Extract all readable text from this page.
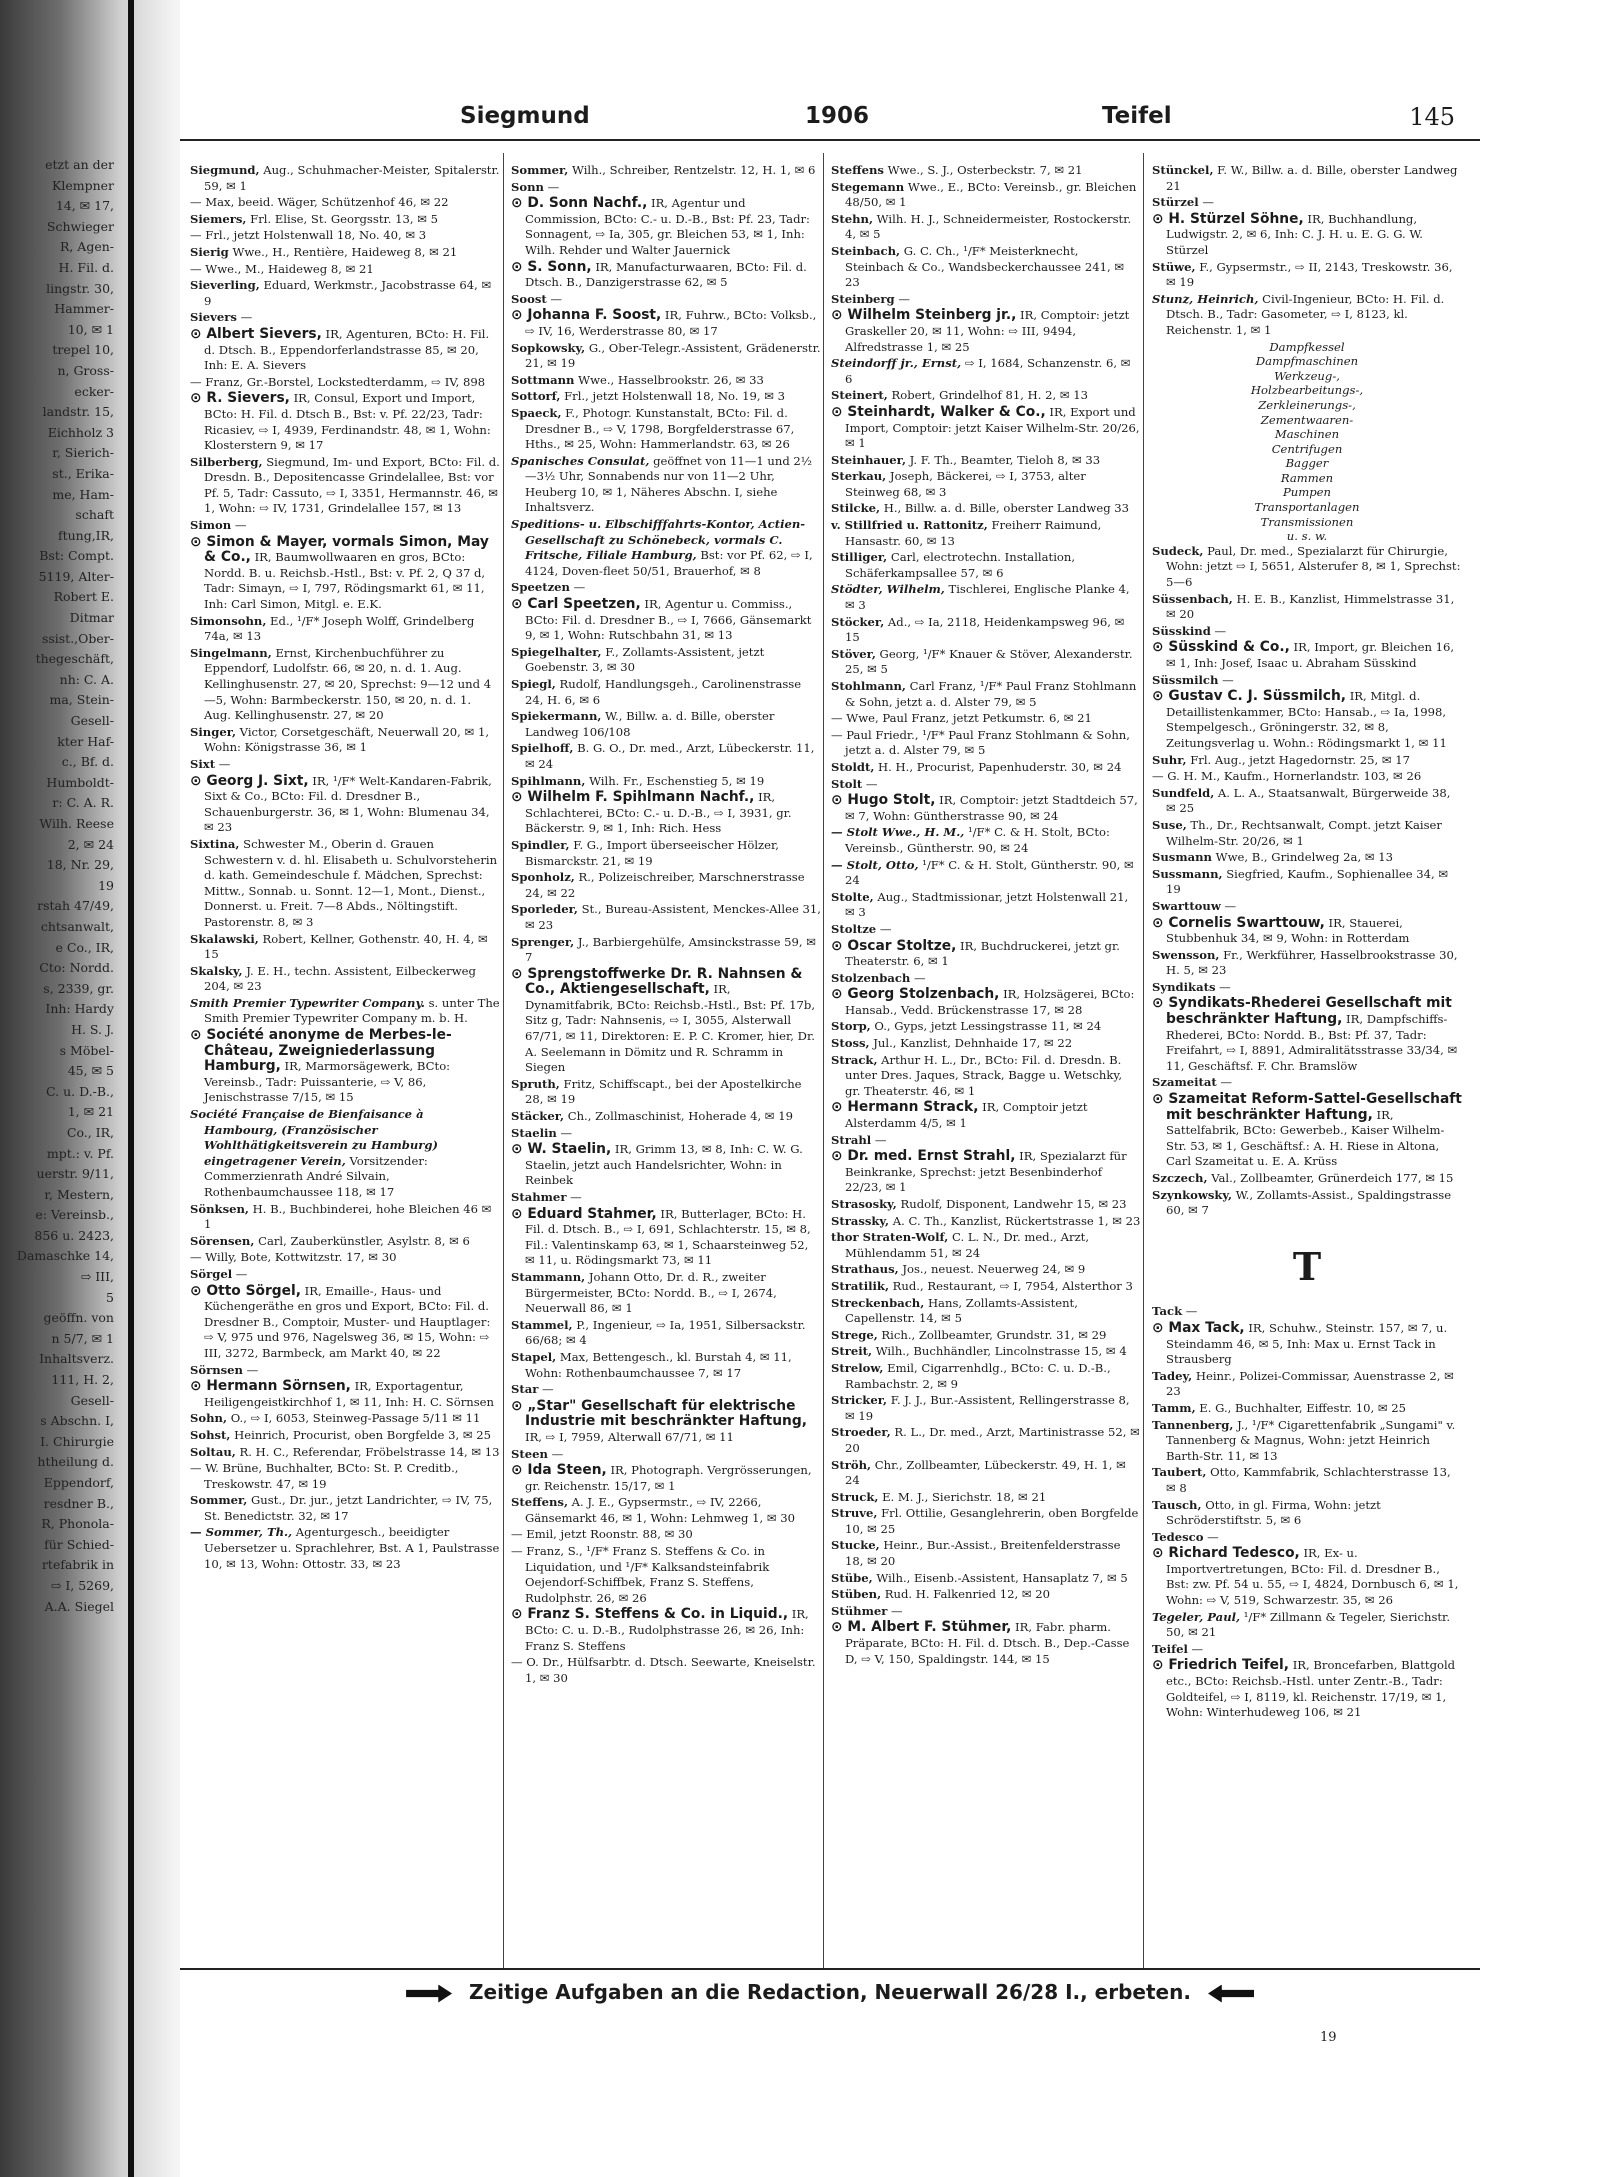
etzt an der
Klempner
14, ✉ 17,
Schwieger
R, Agen-
H. Fil. d.
lingstr. 30,
Hammer-
10, ✉ 1
trepel 10,
n, Gross-
ecker-
landstr. 15,
Eichholz 3
r, Sierich-
st., Erika-
me, Ham-
schaft
ftung,IR,
Bst: Compt.
5119, Alter-
Robert E.
Ditmar
ssist.,Ober-
thegeschäft,
nh: C. A.
ma, Stein-
Gesell-
kter Haf-
c., Bf. d.
Humboldt-
r: C. A. R.
Wilh. Reese
2, ✉ 24
18, Nr. 29,
19
rstah 47/49,
chtsanwalt,
e Co., IR,
Cto: Nordd.
s, 2339, gr.
Inh: Hardy
H. S. J.
s Möbel-
45, ✉ 5
C. u. D.-B.,
1, ✉ 21
Co., IR,
mpt.: v. Pf.
uerstr. 9/11,
r, Mestern,
e: Vereinsb.,
856 u. 2423,
Damaschke 14,
⇨ III,
5
geöffn. von
n 5/7, ✉ 1
Inhaltsverz.
111, H. 2,
Gesell-
s Abschn. I,
I. Chirurgie
htheilung d.
Eppendorf,
resdner B.,
R, Phonola-
für Schied-
rtefabrik in
⇨ I, 5269,
A.A. Siegel
Siegmund	1906	Teifel	145
Siegmund, Aug., Schuhmacher-Meister, Spitalerstr. 59, ✉ 1
— Max, beeid. Wäger, Schützenhof 46, ✉ 22
Siemers, Frl. Elise, St. Georgsstr. 13, ✉ 5
— Frl., jetzt Holstenwall 18, No. 40, ✉ 3
Sierig Wwe., H., Rentière, Haideweg 8, ✉ 21
— Wwe., M., Haideweg 8, ✉ 21
Sieverling, Eduard, Werkmstr., Jacobstrasse 64, ✉ 9
Sievers —
⊙ Albert Sievers, IR, Agenturen, BCto: H. Fil. d. Dtsch. B., Eppendorferlandstrasse 85, ✉ 20, Inh: E. A. Sievers
— Franz, Gr.-Borstel, Lockstedterdamm, ⇨ IV, 898
⊙ R. Sievers, IR, Consul, Export und Import, BCto: H. Fil. d. Dtsch B., Bst: v. Pf. 22/23, Tadr: Ricasiev, ⇨ I, 4939, Ferdinandstr. 48, ✉ 1, Wohn: Klosterstern 9, ✉ 17
Silberberg, Siegmund, Im- und Export, BCto: Fil. d. Dresdn. B., Depositencasse Grindelallee, Bst: vor Pf. 5, Tadr: Cassuto, ⇨ I, 3351, Hermannstr. 46, ✉ 1, Wohn: ⇨ IV, 1731, Grindelallee 157, ✉ 13
Simon —
⊙ Simon & Mayer, vormals Simon, May & Co., IR, Baumwollwaaren en gros, BCto: Nordd. B. u. Reichsb.-Hstl., Bst: v. Pf. 2, Q 37 d, Tadr: Simayn, ⇨ I, 797, Rödingsmarkt 61, ✉ 11, Inh: Carl Simon, Mitgl. e. E.K.
Simonsohn, Ed., ¹/F* Joseph Wolff, Grindelberg 74a, ✉ 13
Singelmann, Ernst, Kirchenbuchführer zu Eppendorf, Ludolfstr. 66, ✉ 20, n. d. 1. Aug. Kellinghusenstr. 27, ✉ 20, Sprechst: 9—12 und 4—5, Wohn: Barmbeckerstr. 150, ✉ 20, n. d. 1. Aug. Kellinghusenstr. 27, ✉ 20
Singer, Victor, Corsetgeschäft, Neuerwall 20, ✉ 1, Wohn: Königstrasse 36, ✉ 1
Sixt —
⊙ Georg J. Sixt, IR, ¹/F* Welt-Kandaren-Fabrik, Sixt & Co., BCto: Fil. d. Dresdner B., Schauenburgerstr. 36, ✉ 1, Wohn: Blumenau 34, ✉ 23
Sixtina, Schwester M., Oberin d. Grauen Schwestern v. d. hl. Elisabeth u. Schulvorsteherin d. kath. Gemeindeschule f. Mädchen, Sprechst: Mittw., Sonnab. u. Sonnt. 12—1, Mont., Dienst., Donnerst. u. Freit. 7—8 Abds., Nöltingstift. Pastorenstr. 8, ✉ 3
Skalawski, Robert, Kellner, Gothenstr. 40, H. 4, ✉ 15
Skalsky, J. E. H., techn. Assistent, Eilbeckerweg 204, ✉ 23
Smith Premier Typewriter Company. s. unter The Smith Premier Typewriter Company m. b. H.
⊙ Société anonyme de Merbes-le-Château, Zweigniederlassung Hamburg, IR, Marmorsägewerk, BCto: Vereinsb., Tadr: Puissanterie, ⇨ V, 86, Jenischstrasse 7/15, ✉ 15
Société Française de Bienfaisance à Hambourg, (Französischer Wohlthätigkeitsverein zu Hamburg) eingetragener Verein, Vorsitzender: Commerzienrath André Silvain, Rothenbaumchaussee 118, ✉ 17
Sönksen, H. B., Buchbinderei, hohe Bleichen 46 ✉ 1
Sörensen, Carl, Zauberkünstler, Asylstr. 8, ✉ 6
— Willy, Bote, Kottwitzstr. 17, ✉ 30
Sörgel —
⊙ Otto Sörgel, IR, Emaille-, Haus- und Küchengeräthe en gros und Export, BCto: Fil. d. Dresdner B., Comptoir, Muster- und Hauptlager: ⇨ V, 975 und 976, Nagelsweg 36, ✉ 15, Wohn: ⇨ III, 3272, Barmbeck, am Markt 40, ✉ 22
Sörnsen —
⊙ Hermann Sörnsen, IR, Exportagentur, Heiligengeistkirchhof 1, ✉ 11, Inh: H. C. Sörnsen
Sohn, O., ⇨ I, 6053, Steinweg-Passage 5/11 ✉ 11
Sohst, Heinrich, Procurist, oben Borgfelde 3, ✉ 25
Soltau, R. H. C., Referendar, Fröbelstrasse 14, ✉ 13
— W. Brüne, Buchhalter, BCto: St. P. Creditb., Treskowstr. 47, ✉ 19
Sommer, Gust., Dr. jur., jetzt Landrichter, ⇨ IV, 75, St. Benedictstr. 32, ✉ 17
— Sommer, Th., Agenturgesch., beeidigter Uebersetzer u. Sprachlehrer, Bst. A 1, Paulstrasse 10, ✉ 13, Wohn: Ottostr. 33, ✉ 23
Sommer, Wilh., Schreiber, Rentzelstr. 12, H. 1, ✉ 6
Sonn —
⊙ D. Sonn Nachf., IR, Agentur und Commission, BCto: C.- u. D.-B., Bst: Pf. 23, Tadr: Sonnagent, ⇨ Ia, 305, gr. Bleichen 53, ✉ 1, Inh: Wilh. Rehder und Walter Jauernick
⊙ S. Sonn, IR, Manufacturwaaren, BCto: Fil. d. Dtsch. B., Danzigerstrasse 62, ✉ 5
Soost —
⊙ Johanna F. Soost, IR, Fuhrw., BCto: Volksb., ⇨ IV, 16, Werderstrasse 80, ✉ 17
Sopkowsky, G., Ober-Telegr.-Assistent, Grädenerstr. 21, ✉ 19
Sottmann Wwe., Hasselbrookstr. 26, ✉ 33
Sottorf, Frl., jetzt Holstenwall 18, No. 19, ✉ 3
Spaeck, F., Photogr. Kunstanstalt, BCto: Fil. d. Dresdner B., ⇨ V, 1798, Borgfelderstrasse 67, Hths., ✉ 25, Wohn: Hammerlandstr. 63, ✉ 26
Spanisches Consulat, geöffnet von 11—1 und 2½—3½ Uhr, Sonnabends nur von 11—2 Uhr, Heuberg 10, ✉ 1, Näheres Abschn. I, siehe Inhaltsverz.
Speditions- u. Elbschifffahrts-Kontor, Actien-Gesellschaft zu Schönebeck, vormals C. Fritsche, Filiale Hamburg, Bst: vor Pf. 62, ⇨ I, 4124, Doven-fleet 50/51, Brauerhof, ✉ 8
Speetzen —
⊙ Carl Speetzen, IR, Agentur u. Commiss., BCto: Fil. d. Dresdner B., ⇨ I, 7666, Gänsemarkt 9, ✉ 1, Wohn: Rutschbahn 31, ✉ 13
Spiegelhalter, F., Zollamts-Assistent, jetzt Goebenstr. 3, ✉ 30
Spiegl, Rudolf, Handlungsgeh., Carolinenstrasse 24, H. 6, ✉ 6
Spiekermann, W., Billw. a. d. Bille, oberster Landweg 106/108
Spielhoff, B. G. O., Dr. med., Arzt, Lübeckerstr. 11, ✉ 24
Spihlmann, Wilh. Fr., Eschenstieg 5, ✉ 19
⊙ Wilhelm F. Spihlmann Nachf., IR, Schlachterei, BCto: C.- u. D.-B., ⇨ I, 3931, gr. Bäckerstr. 9, ✉ 1, Inh: Rich. Hess
Spindler, F. G., Import überseeischer Hölzer, Bismarckstr. 21, ✉ 19
Sponholz, R., Polizeischreiber, Marschnerstrasse 24, ✉ 22
Sporleder, St., Bureau-Assistent, Menckes-Allee 31, ✉ 23
Sprenger, J., Barbiergehülfe, Amsinckstrasse 59, ✉ 7
⊙ Sprengstoffwerke Dr. R. Nahnsen & Co., Aktiengesellschaft, IR, Dynamitfabrik, BCto: Reichsb.-Hstl., Bst: Pf. 17b, Sitz g, Tadr: Nahnsenis, ⇨ I, 3055, Alsterwall 67/71, ✉ 11, Direktoren: E. P. C. Kromer, hier, Dr. A. Seelemann in Dömitz und R. Schramm in Siegen
Spruth, Fritz, Schiffscapt., bei der Apostelkirche 28, ✉ 19
Stäcker, Ch., Zollmaschinist, Hoherade 4, ✉ 19
Staelin —
⊙ W. Staelin, IR, Grimm 13, ✉ 8, Inh: C. W. G. Staelin, jetzt auch Handelsrichter, Wohn: in Reinbek
Stahmer —
⊙ Eduard Stahmer, IR, Butterlager, BCto: H. Fil. d. Dtsch. B., ⇨ I, 691, Schlachterstr. 15, ✉ 8, Fil.: Valentinskamp 63, ✉ 1, Schaarsteinweg 52, ✉ 11, u. Rödingsmarkt 73, ✉ 11
Stammann, Johann Otto, Dr. d. R., zweiter Bürgermeister, BCto: Nordd. B., ⇨ I, 2674, Neuerwall 86, ✉ 1
Stammel, P., Ingenieur, ⇨ Ia, 1951, Silbersackstr. 66/68; ✉ 4
Stapel, Max, Bettengesch., kl. Burstah 4, ✉ 11, Wohn: Rothenbaumchaussee 7, ✉ 17
Star —
⊙ „Star" Gesellschaft für elektrische Industrie mit beschränkter Haftung, IR, ⇨ I, 7959, Alterwall 67/71, ✉ 11
Steen —
⊙ Ida Steen, IR, Photograph. Vergrösserungen, gr. Reichenstr. 15/17, ✉ 1
Steffens, A. J. E., Gypsermstr., ⇨ IV, 2266, Gänsemarkt 46, ✉ 1, Wohn: Lehmweg 1, ✉ 30
— Emil, jetzt Roonstr. 88, ✉ 30
— Franz, S., ¹/F* Franz S. Steffens & Co. in Liquidation, und ¹/F* Kalksandsteinfabrik Oejendorf-Schiffbek, Franz S. Steffens, Rudolphstr. 26, ✉ 26
⊙ Franz S. Steffens & Co. in Liquid., IR, BCto: C. u. D.-B., Rudolphstrasse 26, ✉ 26, Inh: Franz S. Steffens
— O. Dr., Hülfsarbtr. d. Dtsch. Seewarte, Kneiselstr. 1, ✉ 30
Steffens Wwe., S. J., Osterbeckstr. 7, ✉ 21
Stegemann Wwe., E., BCto: Vereinsb., gr. Bleichen 48/50, ✉ 1
Stehn, Wilh. H. J., Schneidermeister, Rostockerstr. 4, ✉ 5
Steinbach, G. C. Ch., ¹/F* Meisterknecht, Steinbach & Co., Wandsbeckerchaussee 241, ✉ 23
Steinberg —
⊙ Wilhelm Steinberg jr., IR, Comptoir: jetzt Graskeller 20, ✉ 11, Wohn: ⇨ III, 9494, Alfredstrasse 1, ✉ 25
Steindorff jr., Ernst, ⇨ I, 1684, Schanzenstr. 6, ✉ 6
Steinert, Robert, Grindelhof 81, H. 2, ✉ 13
⊙ Steinhardt, Walker & Co., IR, Export und Import, Comptoir: jetzt Kaiser Wilhelm-Str. 20/26, ✉ 1
Steinhauer, J. F. Th., Beamter, Tieloh 8, ✉ 33
Sterkau, Joseph, Bäckerei, ⇨ I, 3753, alter Steinweg 68, ✉ 3
Stilcke, H., Billw. a. d. Bille, oberster Landweg 33
v. Stillfried u. Rattonitz, Freiherr Raimund, Hansastr. 60, ✉ 13
Stilliger, Carl, electrotechn. Installation, Schäferkampsallee 57, ✉ 6
Stödter, Wilhelm, Tischlerei, Englische Planke 4, ✉ 3
Stöcker, Ad., ⇨ Ia, 2118, Heidenkampsweg 96, ✉ 15
Stöver, Georg, ¹/F* Knauer & Stöver, Alexanderstr. 25, ✉ 5
Stohlmann, Carl Franz, ¹/F* Paul Franz Stohlmann & Sohn, jetzt a. d. Alster 79, ✉ 5
— Wwe, Paul Franz, jetzt Petkumstr. 6, ✉ 21
— Paul Friedr., ¹/F* Paul Franz Stohlmann & Sohn, jetzt a. d. Alster 79, ✉ 5
Stoldt, H. H., Procurist, Papenhuderstr. 30, ✉ 24
Stolt —
⊙ Hugo Stolt, IR, Comptoir: jetzt Stadtdeich 57, ✉ 7, Wohn: Güntherstrasse 90, ✉ 24
— Stolt Wwe., H. M., ¹/F* C. & H. Stolt, BCto: Vereinsb., Güntherstr. 90, ✉ 24
— Stolt, Otto, ¹/F* C. & H. Stolt, Güntherstr. 90, ✉ 24
Stolte, Aug., Stadtmissionar, jetzt Holstenwall 21, ✉ 3
Stoltze —
⊙ Oscar Stoltze, IR, Buchdruckerei, jetzt gr. Theaterstr. 6, ✉ 1
Stolzenbach —
⊙ Georg Stolzenbach, IR, Holzsägerei, BCto: Hansab., Vedd. Brückenstrasse 17, ✉ 28
Storp, O., Gyps, jetzt Lessingstrasse 11, ✉ 24
Stoss, Jul., Kanzlist, Dehnhaide 17, ✉ 22
Strack, Arthur H. L., Dr., BCto: Fil. d. Dresdn. B. unter Dres. Jaques, Strack, Bagge u. Wetschky, gr. Theaterstr. 46, ✉ 1
⊙ Hermann Strack, IR, Comptoir jetzt Alsterdamm 4/5, ✉ 1
Strahl —
⊙ Dr. med. Ernst Strahl, IR, Spezialarzt für Beinkranke, Sprechst: jetzt Besenbinderhof 22/23, ✉ 1
Strasosky, Rudolf, Disponent, Landwehr 15, ✉ 23
Strassky, A. C. Th., Kanzlist, Rückertstrasse 1, ✉ 23
thor Straten-Wolf, C. L. N., Dr. med., Arzt, Mühlendamm 51, ✉ 24
Strathaus, Jos., neuest. Neuerweg 24, ✉ 9
Stratilik, Rud., Restaurant, ⇨ I, 7954, Alsterthor 3
Streckenbach, Hans, Zollamts-Assistent, Capellenstr. 14, ✉ 5
Strege, Rich., Zollbeamter, Grundstr. 31, ✉ 29
Streit, Wilh., Buchhändler, Lincolnstrasse 15, ✉ 4
Strelow, Emil, Cigarrenhdlg., BCto: C. u. D.-B., Rambachstr. 2, ✉ 9
Stricker, F. J. J., Bur.-Assistent, Rellingerstrasse 8, ✉ 19
Stroeder, R. L., Dr. med., Arzt, Martinistrasse 52, ✉ 20
Ströh, Chr., Zollbeamter, Lübeckerstr. 49, H. 1, ✉ 24
Struck, E. M. J., Sierichstr. 18, ✉ 21
Struve, Frl. Ottilie, Gesanglehrerin, oben Borgfelde 10, ✉ 25
Stucke, Heinr., Bur.-Assist., Breitenfelderstrasse 18, ✉ 20
Stübe, Wilh., Eisenb.-Assistent, Hansaplatz 7, ✉ 5
Stüben, Rud. H. Falkenried 12, ✉ 20
Stühmer —
⊙ M. Albert F. Stühmer, IR, Fabr. pharm. Präparate, BCto: H. Fil. d. Dtsch. B., Dep.-Casse D, ⇨ V, 150, Spaldingstr. 144, ✉ 15
Stünckel, F. W., Billw. a. d. Bille, oberster Landweg 21
Stürzel —
⊙ H. Stürzel Söhne, IR, Buchhandlung, Ludwigstr. 2, ✉ 6, Inh: C. J. H. u. E. G. G. W. Stürzel
Stüwe, F., Gypsermstr., ⇨ II, 2143, Treskowstr. 36, ✉ 19
Stunz, Heinrich, Civil-Ingenieur, BCto: H. Fil. d. Dtsch. B., Tadr: Gasometer, ⇨ I, 8123, kl. Reichenstr. 1, ✉ 1
Dampfkessel
Dampfmaschinen
Werkzeug-,
Holzbearbeitungs-,
Zerkleinerungs-,
Zementwaaren-
Maschinen
Centrifugen
Bagger
Rammen
Pumpen
Transportanlagen
Transmissionen
u. s. w.
Sudeck, Paul, Dr. med., Spezialarzt für Chirurgie, Wohn: jetzt ⇨ I, 5651, Alsterufer 8, ✉ 1, Sprechst: 5—6
Süssenbach, H. E. B., Kanzlist, Himmelstrasse 31, ✉ 20
Süsskind —
⊙ Süsskind & Co., IR, Import, gr. Bleichen 16, ✉ 1, Inh: Josef, Isaac u. Abraham Süsskind
Süssmilch —
⊙ Gustav C. J. Süssmilch, IR, Mitgl. d. Detaillistenkammer, BCto: Hansab., ⇨ Ia, 1998, Stempelgesch., Gröningerstr. 32, ✉ 8, Zeitungsverlag u. Wohn.: Rödingsmarkt 1, ✉ 11
Suhr, Frl. Aug., jetzt Hagedornstr. 25, ✉ 17
— G. H. M., Kaufm., Hornerlandstr. 103, ✉ 26
Sundfeld, A. L. A., Staatsanwalt, Bürgerweide 38, ✉ 25
Suse, Th., Dr., Rechtsanwalt, Compt. jetzt Kaiser Wilhelm-Str. 20/26, ✉ 1
Susmann Wwe, B., Grindelweg 2a, ✉ 13
Sussmann, Siegfried, Kaufm., Sophienallee 34, ✉ 19
Swarttouw —
⊙ Cornelis Swarttouw, IR, Stauerei, Stubbenhuk 34, ✉ 9, Wohn: in Rotterdam
Swensson, Fr., Werkführer, Hasselbrookstrasse 30, H. 5, ✉ 23
Syndikats —
⊙ Syndikats-Rhederei Gesellschaft mit beschränkter Haftung, IR, Dampfschiffs-Rhederei, BCto: Nordd. B., Bst: Pf. 37, Tadr: Freifahrt, ⇨ I, 8891, Admiralitätsstrasse 33/34, ✉ 11, Geschäftsf. F. Chr. Bramslöw
Szameitat —
⊙ Szameitat Reform-Sattel-Gesellschaft mit beschränkter Haftung, IR, Sattelfabrik, BCto: Gewerbeb., Kaiser Wilhelm-Str. 53, ✉ 1, Geschäftsf.: A. H. Riese in Altona, Carl Szameitat u. E. A. Krüss
Szczech, Val., Zollbeamter, Grünerdeich 177, ✉ 15
Szynkowsky, W., Zollamts-Assist., Spaldingstrasse 60, ✉ 7
T
Tack —
⊙ Max Tack, IR, Schuhw., Steinstr. 157, ✉ 7, u. Steindamm 46, ✉ 5, Inh: Max u. Ernst Tack in Strausberg
Tadey, Heinr., Polizei-Commissar, Auenstrasse 2, ✉ 23
Tamm, E. G., Buchhalter, Eiffestr. 10, ✉ 25
Tannenberg, J., ¹/F* Cigarettenfabrik „Sungami" v. Tannenberg & Magnus, Wohn: jetzt Heinrich Barth-Str. 11, ✉ 13
Taubert, Otto, Kammfabrik, Schlachterstrasse 13, ✉ 8
Tausch, Otto, in gl. Firma, Wohn: jetzt Schröderstiftstr. 5, ✉ 6
Tedesco —
⊙ Richard Tedesco, IR, Ex- u. Importvertretungen, BCto: Fil. d. Dresdner B., Bst: zw. Pf. 54 u. 55, ⇨ I, 4824, Dornbusch 6, ✉ 1, Wohn: ⇨ V, 519, Schwarzestr. 35, ✉ 26
Tegeler, Paul, ¹/F* Zillmann & Tegeler, Sierichstr. 50, ✉ 21
Teifel —
⊙ Friedrich Teifel, IR, Broncefarben, Blattgold etc., BCto: Reichsb.-Hstl. unter Zentr.-B., Tadr: Goldteifel, ⇨ I, 8119, kl. Reichenstr. 17/19, ✉ 1, Wohn: Winterhudeweg 106, ✉ 21
Zeitige Aufgaben an die Redaction, Neuerwall 26/28 I., erbeten.
19
